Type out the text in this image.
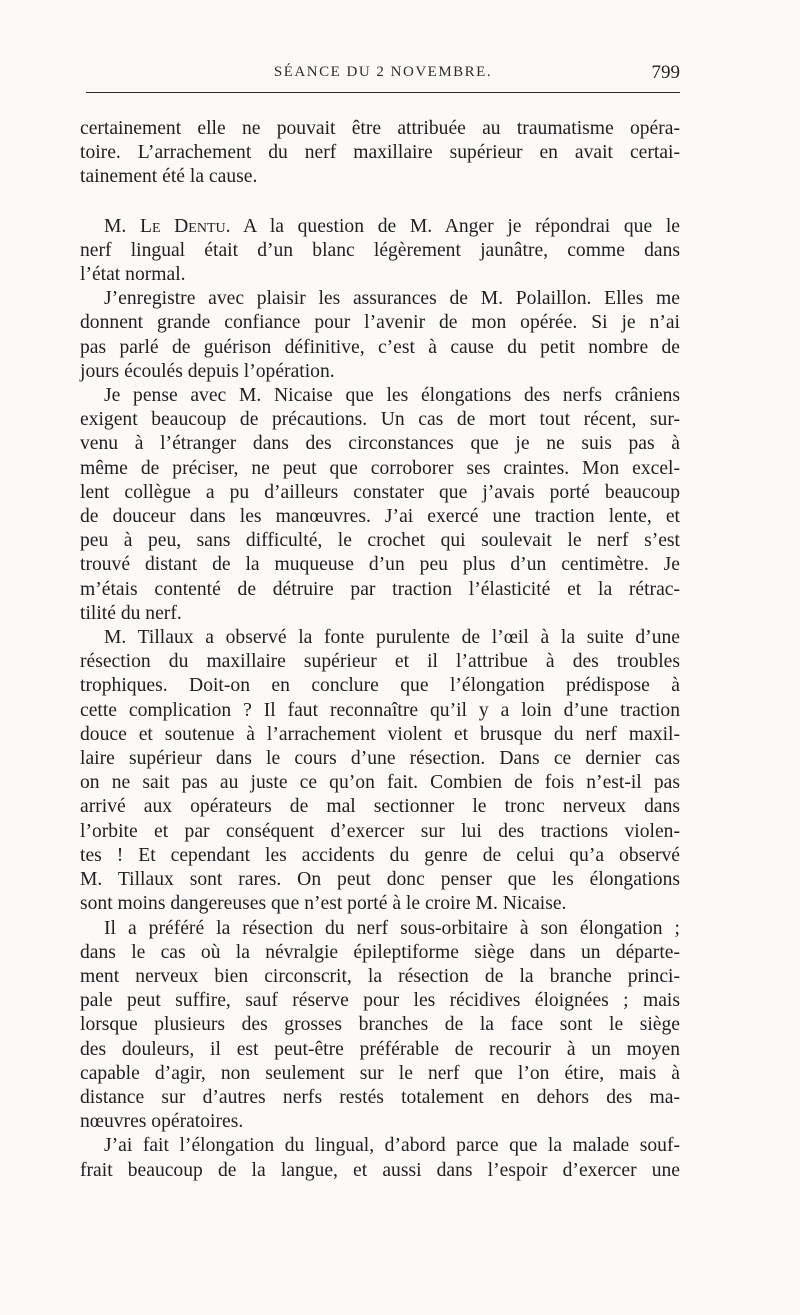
SÉANCE DU 2 NOVEMBRE.	799
certainement elle ne pouvait être attribuée au traumatisme opéra-
toire. L’arrachement du nerf maxillaire supérieur en avait certai-
tainement été la cause.
M. Le Dentu. A la question de M. Anger je répondrai que le
nerf lingual était d’un blanc légèrement jaunâtre, comme dans
l’état normal.
J’enregistre avec plaisir les assurances de M. Polaillon. Elles me
donnent grande confiance pour l’avenir de mon opérée. Si je n’ai
pas parlé de guérison définitive, c’est à cause du petit nombre de
jours écoulés depuis l’opération.
Je pense avec M. Nicaise que les élongations des nerfs crâniens
exigent beaucoup de précautions. Un cas de mort tout récent, sur-
venu à l’étranger dans des circonstances que je ne suis pas à
même de préciser, ne peut que corroborer ses craintes. Mon excel-
lent collègue a pu d’ailleurs constater que j’avais porté beaucoup
de douceur dans les manœuvres. J’ai exercé une traction lente, et
peu à peu, sans difficulté, le crochet qui soulevait le nerf s’est
trouvé distant de la muqueuse d’un peu plus d’un centimètre. Je
m’étais contenté de détruire par traction l’élasticité et la rétrac-
tilité du nerf.
M. Tillaux a observé la fonte purulente de l’œil à la suite d’une
résection du maxillaire supérieur et il l’attribue à des troubles
trophiques. Doit-on en conclure que l’élongation prédispose à
cette complication ? Il faut reconnaître qu’il y a loin d’une traction
douce et soutenue à l’arrachement violent et brusque du nerf maxil-
laire supérieur dans le cours d’une résection. Dans ce dernier cas
on ne sait pas au juste ce qu’on fait. Combien de fois n’est-il pas
arrivé aux opérateurs de mal sectionner le tronc nerveux dans
l’orbite et par conséquent d’exercer sur lui des tractions violen-
tes ! Et cependant les accidents du genre de celui qu’a observé
M. Tillaux sont rares. On peut donc penser que les élongations
sont moins dangereuses que n’est porté à le croire M. Nicaise.
Il a préféré la résection du nerf sous-orbitaire à son élongation ;
dans le cas où la névralgie épileptiforme siège dans un départe-
ment nerveux bien circonscrit, la résection de la branche princi-
pale peut suffire, sauf réserve pour les récidives éloignées ; mais
lorsque plusieurs des grosses branches de la face sont le siège
des douleurs, il est peut-être préférable de recourir à un moyen
capable d’agir, non seulement sur le nerf que l’on étire, mais à
distance sur d’autres nerfs restés totalement en dehors des ma-
nœuvres opératoires.
J’ai fait l’élongation du lingual, d’abord parce que la malade souf-
frait beaucoup de la langue, et aussi dans l’espoir d’exercer une
